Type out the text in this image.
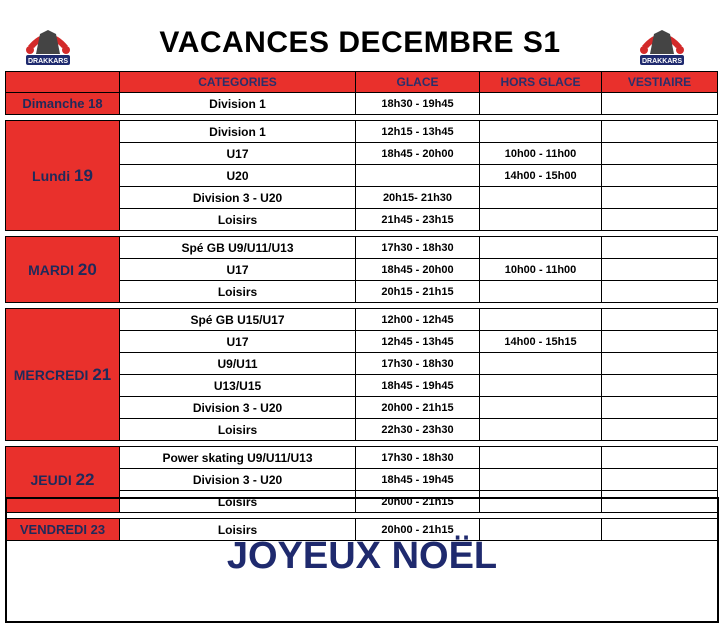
VACANCES DECEMBRE S1
DRAKKARS	DRAKKARS
	CATEGORIES	GLACE	HORS GLACE	VESTIAIRE
Dimanche 18	Division 1	18h30 - 19h45		

Lundi 19	Division 1	12h15 - 13h45		
	U17	18h45 - 20h00	10h00 - 11h00	
	U20		14h00 - 15h00	
	Division 3 - U20	20h15- 21h30		
	Loisirs	21h45 - 23h15		

MARDI 20	Spé GB U9/U11/U13	17h30 - 18h30		
	U17	18h45 - 20h00	10h00 - 11h00	
	Loisirs	20h15 - 21h15		

MERCREDI 21	Spé GB U15/U17	12h00 - 12h45		
	U17	12h45 - 13h45	14h00 - 15h15	
	U9/U11	17h30 - 18h30		
	U13/U15	18h45 - 19h45		
	Division 3 - U20	20h00 - 21h15		
	Loisirs	22h30 - 23h30		

JEUDI 22	Power skating U9/U11/U13	17h30 - 18h30		
	Division 3 - U20	18h45 - 19h45		
	Loisirs	20h00 - 21h15		

VENDREDI 23	Loisirs	20h00 - 21h15		
JOYEUX NOËL
